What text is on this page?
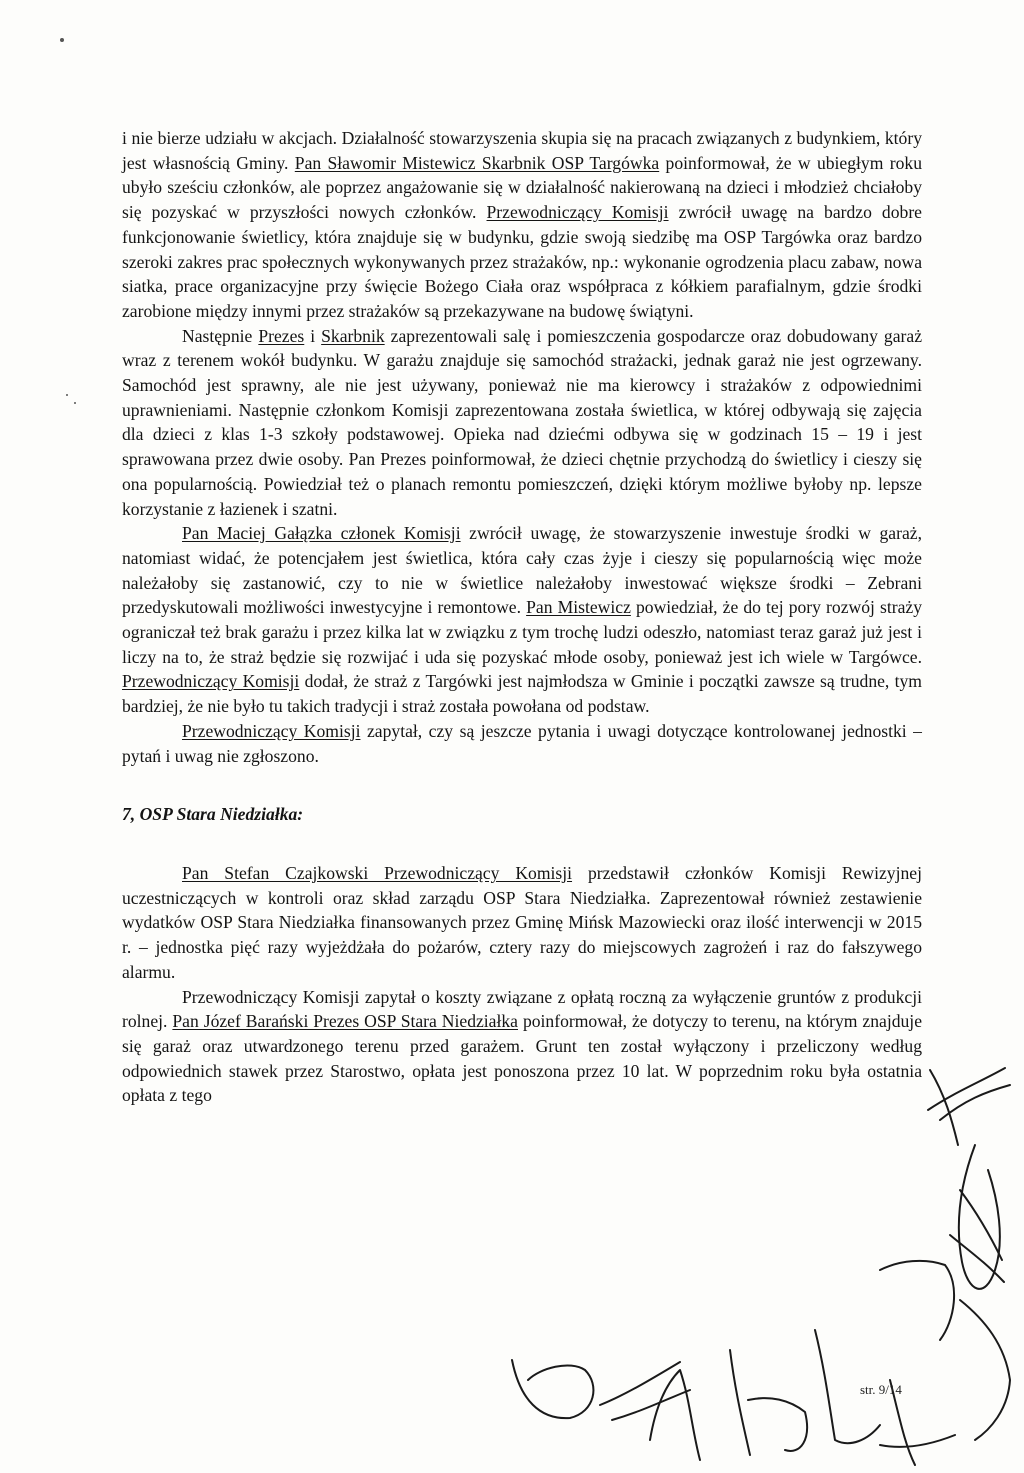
i nie bierze udziału w akcjach. Działalność stowarzyszenia skupia się na pracach związanych z budynkiem, który jest własnością Gminy. Pan Sławomir Mistewicz Skarbnik OSP Targówka poinformował, że w ubiegłym roku ubyło sześciu członków, ale poprzez angażowanie się w działalność nakierowaną na dzieci i młodzież chciałoby się pozyskać w przyszłości nowych członków. Przewodniczący Komisji zwrócił uwagę na bardzo dobre funkcjonowanie świetlicy, która znajduje się w budynku, gdzie swoją siedzibę ma OSP Targówka oraz bardzo szeroki zakres prac społecznych wykonywanych przez strażaków, np.: wykonanie ogrodzenia placu zabaw, nowa siatka, prace organizacyjne przy święcie Bożego Ciała oraz współpraca z kółkiem parafialnym, gdzie środki zarobione między innymi przez strażaków są przekazywane na budowę świątyni.

Następnie Prezes i Skarbnik zaprezentowali salę i pomieszczenia gospodarcze oraz dobudowany garaż wraz z terenem wokół budynku. W garażu znajduje się samochód strażacki, jednak garaż nie jest ogrzewany. Samochód jest sprawny, ale nie jest używany, ponieważ nie ma kierowcy i strażaków z odpowiednimi uprawnieniami. Następnie członkom Komisji zaprezentowana została świetlica, w której odbywają się zajęcia dla dzieci z klas 1-3 szkoły podstawowej. Opieka nad dziećmi odbywa się w godzinach 15 – 19 i jest sprawowana przez dwie osoby. Pan Prezes poinformował, że dzieci chętnie przychodzą do świetlicy i cieszy się ona popularnością. Powiedział też o planach remontu pomieszczeń, dzięki którym możliwe byłoby np. lepsze korzystanie z łazienek i szatni.

Pan Maciej Gałązka członek Komisji zwrócił uwagę, że stowarzyszenie inwestuje środki w garaż, natomiast widać, że potencjałem jest świetlica, która cały czas żyje i cieszy się popularnością więc może należałoby się zastanowić, czy to nie w świetlice należałoby inwestować większe środki – Zebrani przedyskutowali możliwości inwestycyjne i remontowe. Pan Mistewicz powiedział, że do tej pory rozwój straży ograniczał też brak garażu i przez kilka lat w związku z tym trochę ludzi odeszło, natomiast teraz garaż już jest i liczy na to, że straż będzie się rozwijać i uda się pozyskać młode osoby, ponieważ jest ich wiele w Targówce. Przewodniczący Komisji dodał, że straż z Targówki jest najmłodsza w Gminie i początki zawsze są trudne, tym bardziej, że nie było tu takich tradycji i straż została powołana od podstaw.

Przewodniczący Komisji zapytał, czy są jeszcze pytania i uwagi dotyczące kontrolowanej jednostki – pytań i uwag nie zgłoszono.

7, OSP Stara Niedziałka:

Pan Stefan Czajkowski Przewodniczący Komisji przedstawił członków Komisji Rewizyjnej uczestniczących w kontroli oraz skład zarządu OSP Stara Niedziałka. Zaprezentował również zestawienie wydatków OSP Stara Niedziałka finansowanych przez Gminę Mińsk Mazowiecki oraz ilość interwencji w 2015 r. – jednostka pięć razy wyjeżdżała do pożarów, cztery razy do miejscowych zagrożeń i raz do fałszywego alarmu.

Przewodniczący Komisji zapytał o koszty związane z opłatą roczną za wyłączenie gruntów z produkcji rolnej. Pan Józef Barański Prezes OSP Stara Niedziałka poinformował, że dotyczy to terenu, na którym znajduje się garaż oraz utwardzonego terenu przed garażem. Grunt ten został wyłączony i przeliczony według odpowiednich stawek przez Starostwo, opłata jest ponoszona przez 10 lat. W poprzednim roku była ostatnia opłata z tego

str. 9/14
